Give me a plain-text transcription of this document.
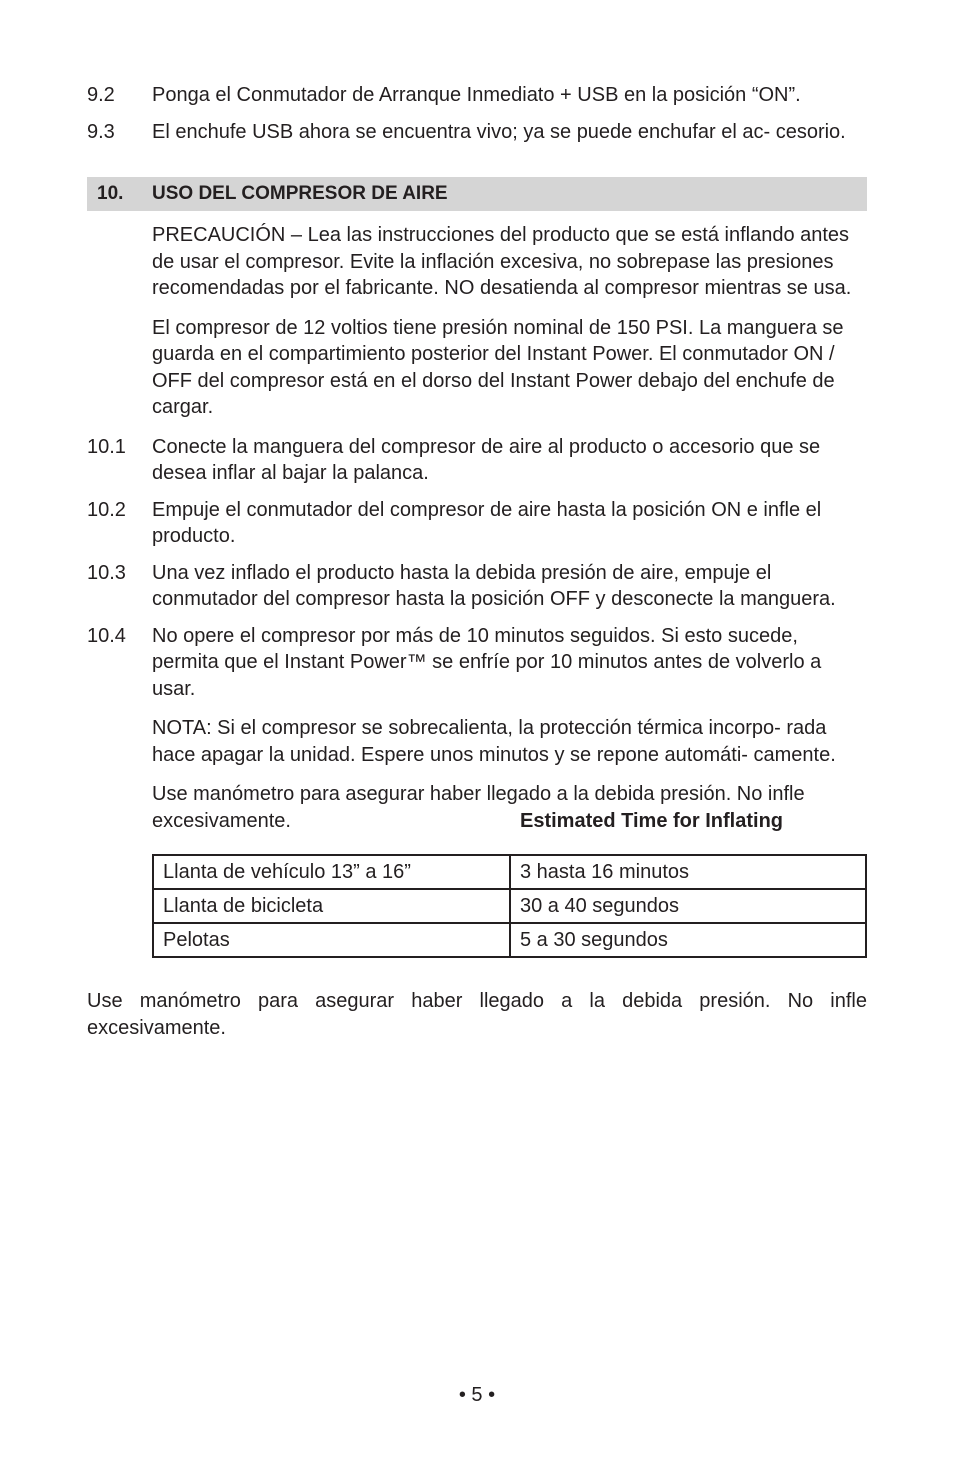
9.2	Ponga el Conmutador de Arranque Inmediato + USB en la posición “ON”.
9.3	El enchufe USB ahora se encuentra vivo; ya se puede enchufar el ac- cesorio.
10.	USO DEL COMPRESOR DE AIRE
PRECAUCIÓN – Lea las instrucciones del producto que se está inflando antes de usar el compresor. Evite la inflación excesiva, no sobrepase las presiones recomendadas por el fabricante. NO desatienda al compresor mientras se usa.
El compresor de 12 voltios tiene presión nominal de 150 PSI. La manguera se guarda en el compartimiento posterior del Instant Power. El conmutador ON / OFF del compresor está en el dorso del Instant Power debajo del enchufe de cargar.
10.1	Conecte la manguera del compresor de aire al producto o accesorio que se desea inflar al bajar la palanca.
10.2	Empuje el conmutador del compresor de aire hasta la posición ON e infle el producto.
10.3	Una vez inflado el producto hasta la debida presión de aire, empuje el conmutador del compresor hasta la posición OFF y desconecte la manguera.
10.4	No opere el compresor por más de 10 minutos seguidos. Si esto sucede, permita que el Instant Power™ se enfríe por 10 minutos antes de volverlo a usar.
NOTA: Si el compresor se sobrecalienta, la protección térmica incorpo- rada hace apagar la unidad. Espere unos minutos y se repone automáti- camente.
Use manómetro para asegurar haber llegado a la debida presión. No infle
excesivamente.	Estimated Time for Inflating
Llanta de vehículo 13” a 16”	3 hasta 16 minutos
Llanta de bicicleta	30 a 40 segundos
Pelotas	5 a 30 segundos
Use manómetro para asegurar haber llegado a la debida presión. No infle excesivamente.
• 5 •
